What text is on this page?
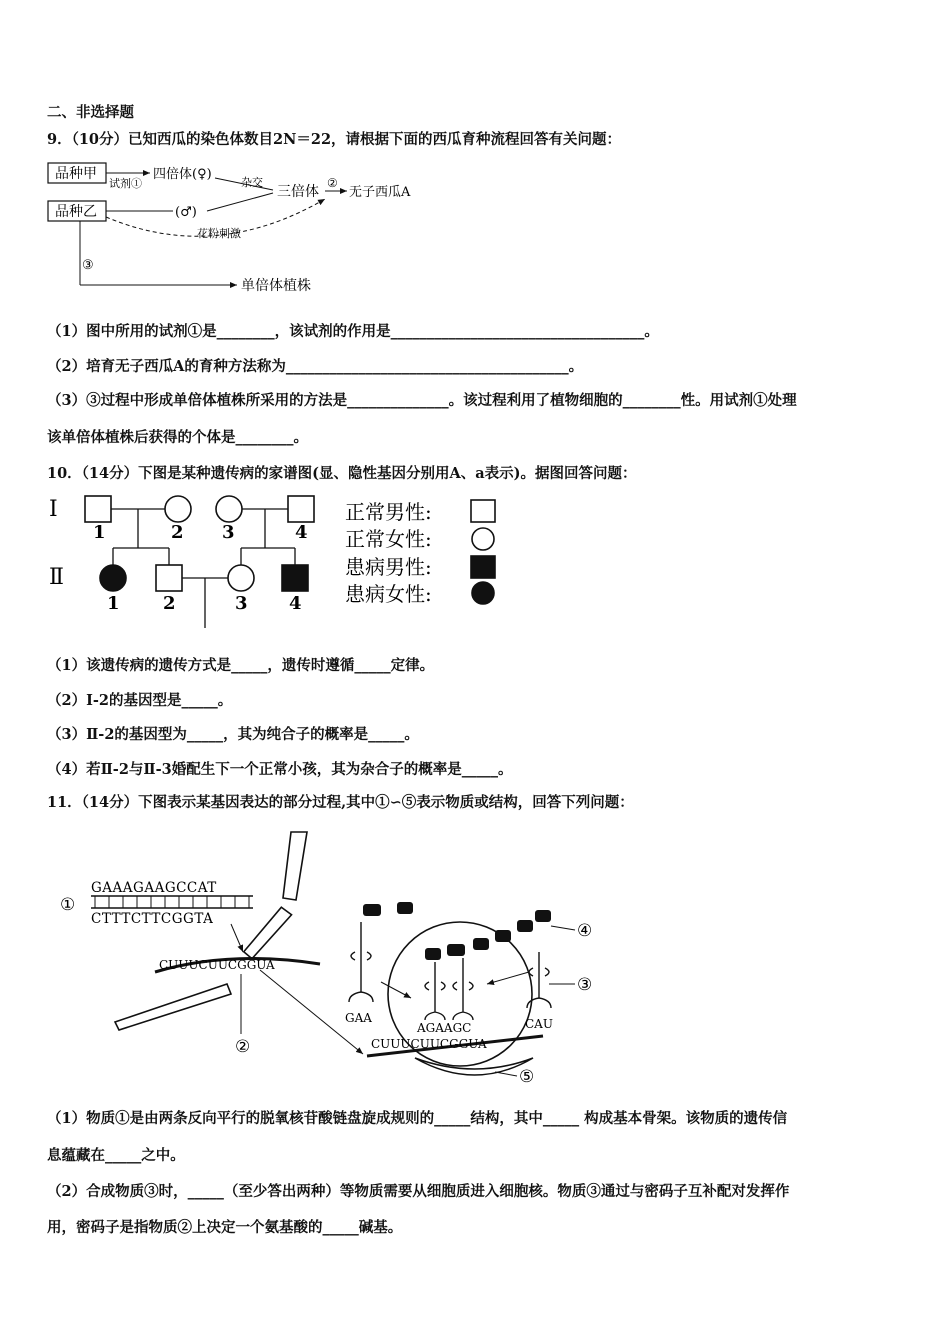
二、非选择题
9．（10分）已知西瓜的染色体数目2N＝22，请根据下面的西瓜育种流程回答有关问题：
品种甲
品种乙
试剂①
四倍体(♀)
(♂)
杂交
三倍体
②
无子西瓜A
花粉刺激
③
单倍体植株
（1）图中所用的试剂①是________，该试剂的作用是___________________________________。
（2）培育无子西瓜A的育种方法称为_______________________________________。
（3）③过程中形成单倍体植株所采用的方法是______________。该过程利用了植物细胞的________性。用试剂①处理
该单倍体植株后获得的个体是________。
10．（14分）下图是某种遗传病的家谱图(显、隐性基因分别用A、a表示)。据图回答问题：
Ⅰ
Ⅱ
1	2 3	4
1 2	3 4
正常男性:
正常女性:
患病男性:
患病女性:
（1）该遗传病的遗传方式是_____，遗传时遵循_____定律。
（2）Ⅰ-2的基因型是_____。
（3）Ⅱ-2的基因型为_____，其为纯合子的概率是_____。
（4）若Ⅱ-2与Ⅱ-3婚配生下一个正常小孩，其为杂合子的概率是_____。
11．（14分）下图表示某基因表达的部分过程,其中①∽⑤表示物质或结构，回答下列问题：
①
GAAAGAAGCCAT
CTTTCTTCGGTA
CUUUCUUCGGUA
②	CUUUCUUCGGUA
④
GAA
AGAAGC	CAU
③
⑤
（1）物质①是由两条反向平行的脱氧核苷酸链盘旋成规则的_____结构，其中_____ 构成基本骨架。该物质的遗传信
息蕴藏在_____之中。
（2）合成物质③时，_____（至少答出两种）等物质需要从细胞质进入细胞核。物质③通过与密码子互补配对发挥作
用，密码子是指物质②上决定一个氨基酸的_____碱基。
